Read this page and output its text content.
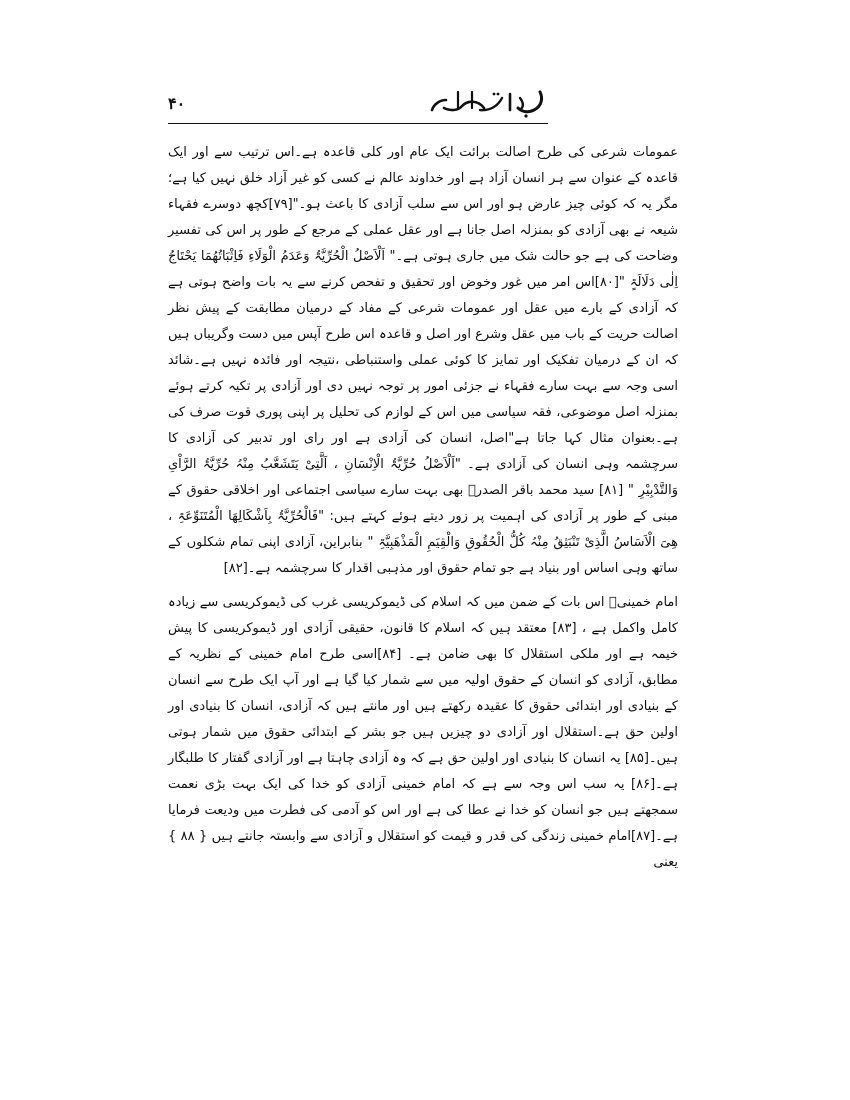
۴۰

عمومات شرعی کی طرح اصالت برائت ایک عام اور کلی قاعدہ ہے۔اس ترتیب سے اور ایک قاعدہ کے عنوان سے ہر انسان آزاد ہے اور خداوند عالم نے کسی کو غیر آزاد خلق نہیں کیا ہے؛مگر یہ کہ کوئی چیز عارض ہو اور اس سے سلب آزادی کا باعث ہو۔"[۷۹]کچھ دوسرے فقہاء شیعہ نے بھی آزادی کو بمنزلہ اصل جانا ہے اور عقل عملی کے مرجع کے طور پر اس کی تفسیر وضاحت کی ہے جو حالت شک میں جاری ہوتی ہے۔" اَلْاَصْلُ الْحُرِّیَّۃُ وَعَدَمُ الْوَلَاءِ فَاِثْبَاتُھُمَا یَحْتَاجُ اِلٰی دَلَالَۃٍ "[۸۰]اس امر میں غور وخوض اور تحقیق و تفحص کرنے سے یہ بات واضح ہوتی ہے کہ آزادی کے بارے میں عقل اور عمومات شرعی کے مفاد کے درمیان مطابقت کے پیش نظر اصالت حریت کے باب میں عقل وشرع اور اصل و قاعدہ اس طرح آپس میں دست وگریباں ہیں کہ ان کے درمیان تفکیک اور تمایز کا کوئی عملی واستنباطی ،نتیجہ اور فائدہ نہیں ہے۔شائد اسی وجہ سے بہت سارے فقہاء نے جزئی امور پر توجہ نہیں دی اور آزادی پر تکیہ کرتے ہوئے بمنزلہ اصل موضوعی، فقہ سیاسی میں اس کے لوازم کی تحلیل پر اپنی پوری قوت صرف کی ہے۔بعنوان مثال کہا جاتا ہے"اصل، انسان کی آزادی ہے اور رای اور تدبیر کی آزادی کا سرچشمہ وہی انسان کی آزادی ہے۔ "اَلْاَصْلُ حُرِّیَّۃُ الْاِنْسَانِ ، اَلَّتِیْ یَتَشَعَّبُ مِنْہُ حُرِّیَّۃُ الرَّاْیِ وَالتَّدْبِیْرِ " [۸۱] سید محمد باقر الصدرؒ بھی بہت سارے سیاسی اجتماعی اور اخلاقی حقوق کے مبنی کے طور پر آزادی کی اہمیت پر زور دیتے ہوئے کہتے ہیں: "فَالْحُرِّیَّۃُ بِاَشْکَالِھَا الْمُتَنَوِّعَۃِ ، ھِیَ الْاَسَاسُ الَّذِیْ تَنْبَثِقُ مِنْہُ کُلُّ الْحُقُوقِ وَالْقِیَمِ الْمَذْھَبِیَّۃِ " بنابراین، آزادی اپنی تمام شکلوں کے ساتھ وہی اساس اور بنیاد ہے جو تمام حقوق اور مذہبی اقدار کا سرچشمہ ہے۔[۸۲]

امام خمینیؒ اس بات کے ضمن میں کہ اسلام کی ڈیموکریسی غرب کی ڈیموکریسی سے زیادہ کامل واکمل ہے ، [۸۳] معتقد ہیں کہ اسلام کا قانون، حقیقی آزادی اور ڈیموکریسی کا پیش خیمہ ہے اور ملکی استقلال کا بھی ضامن ہے۔ [۸۴]اسی طرح امام خمینی کے نظریہ کے مطابق، آزادی کو انسان کے حقوق اولیہ میں سے شمار کیا گیا ہے اور آپ ایک طرح سے انسان کے بنیادی اور ابتدائی حقوق کا عقیدہ رکھتے ہیں اور مانتے ہیں کہ آزادی، انسان کا بنیادی اور اولین حق ہے۔استقلال اور آزادی دو چیزیں ہیں جو بشر کے ابتدائی حقوق میں شمار ہوتی ہیں۔[۸۵] یہ انسان کا بنیادی اور اولین حق ہے کہ وہ آزادی چاہتا ہے اور آزادی گفتار کا طلبگار ہے۔[۸۶] یہ سب اس وجہ سے ہے کہ امام خمینی آزادی کو خدا کی ایک بہت بڑی نعمت سمجھتے ہیں جو انسان کو خدا نے عطا کی ہے اور اس کو آدمی کی فطرت میں ودیعت فرمایا ہے۔[۸۷]امام خمینی زندگی کی قدر و قیمت کو استقلال و آزادی سے وابستہ جانتے ہیں { ۸۸ } یعنی
